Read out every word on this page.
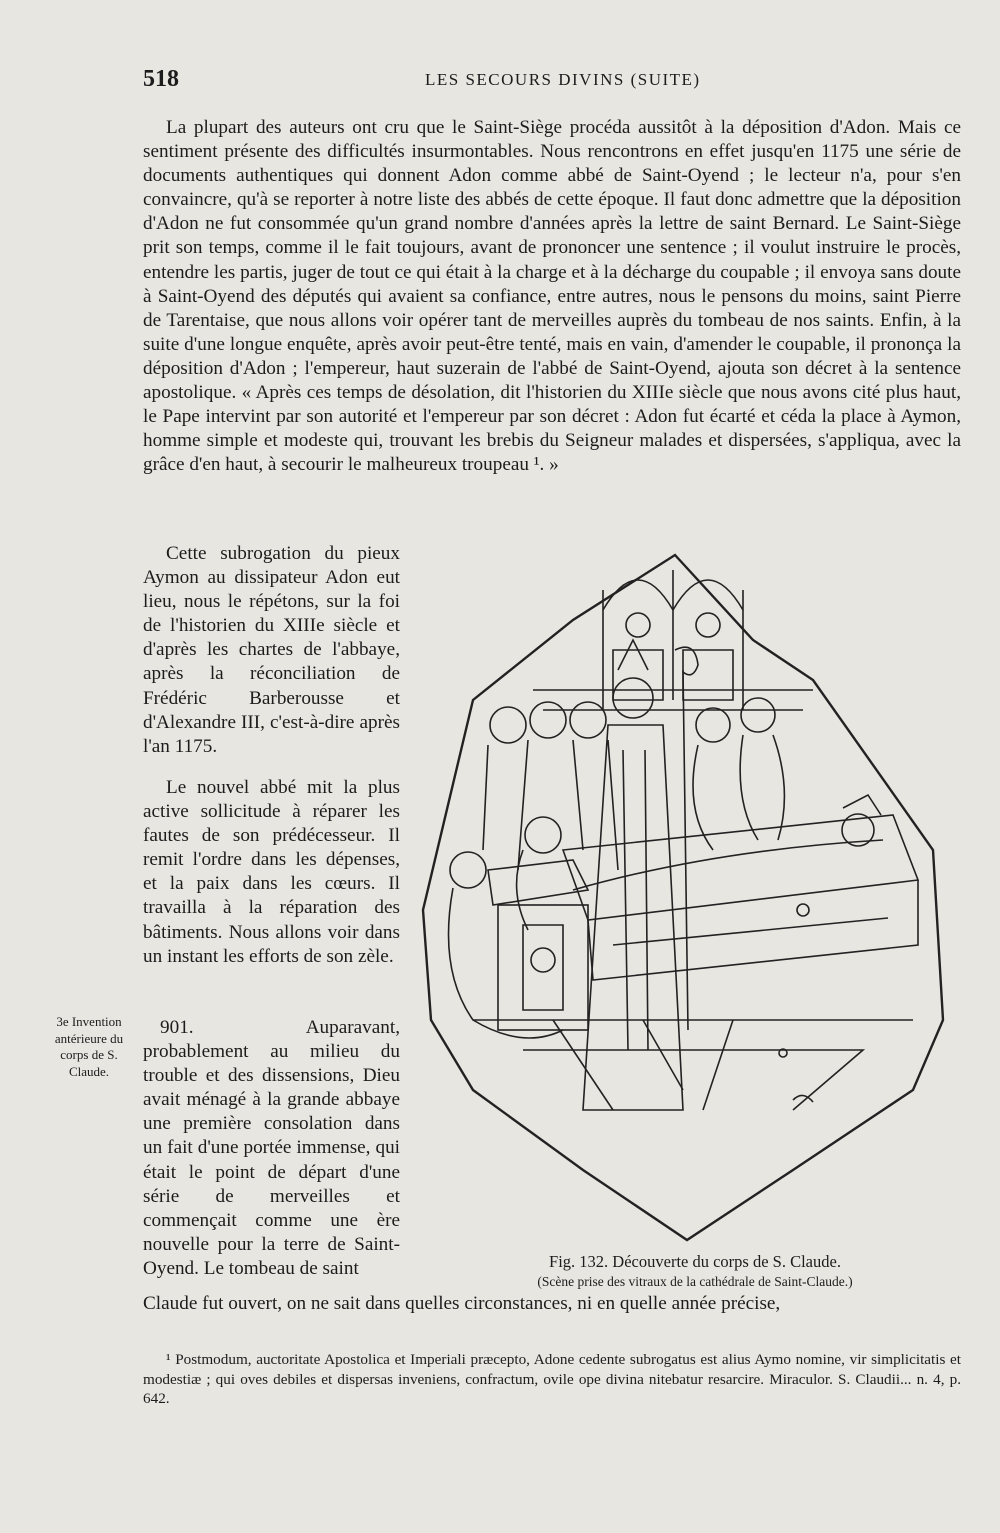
518	LES SECOURS DIVINS (SUITE)

La plupart des auteurs ont cru que le Saint-Siège procéda aussitôt à la déposition d'Adon. Mais ce sentiment présente des difficultés insurmontables. Nous rencontrons en effet jusqu'en 1175 une série de documents authentiques qui donnent Adon comme abbé de Saint-Oyend ; le lecteur n'a, pour s'en convaincre, qu'à se reporter à notre liste des abbés de cette époque. Il faut donc admettre que la déposition d'Adon ne fut consommée qu'un grand nombre d'années après la lettre de saint Bernard. Le Saint-Siège prit son temps, comme il le fait toujours, avant de prononcer une sentence ; il voulut instruire le procès, entendre les partis, juger de tout ce qui était à la charge et à la décharge du coupable ; il envoya sans doute à Saint-Oyend des députés qui avaient sa confiance, entre autres, nous le pensons du moins, saint Pierre de Tarentaise, que nous allons voir opérer tant de merveilles auprès du tombeau de nos saints. Enfin, à la suite d'une longue enquête, après avoir peut-être tenté, mais en vain, d'amender le coupable, il prononça la déposition d'Adon ; l'empereur, haut suzerain de l'abbé de Saint-Oyend, ajouta son décret à la sentence apostolique. « Après ces temps de désolation, dit l'historien du XIIIe siècle que nous avons cité plus haut, le Pape intervint par son autorité et l'empereur par son décret : Adon fut écarté et céda la place à Aymon, homme simple et modeste qui, trouvant les brebis du Seigneur malades et dispersées, s'appliqua, avec la grâce d'en haut, à secourir le malheureux troupeau ¹. »

Cette subrogation du pieux Aymon au dissipateur Adon eut lieu, nous le répétons, sur la foi de l'historien du XIIIe siècle et d'après les chartes de l'abbaye, après la réconciliation de Frédéric Barberousse et d'Alexandre III, c'est-à-dire après l'an 1175.

Le nouvel abbé mit la plus active sollicitude à réparer les fautes de son prédécesseur. Il remit l'ordre dans les dépenses, et la paix dans les cœurs. Il travailla à la réparation des bâtiments. Nous allons voir dans un instant les efforts de son zèle.

3e Invention antérieure du corps de S. Claude.

901. Auparavant, probablement au milieu du trouble et des dissensions, Dieu avait ménagé à la grande abbaye une première consolation dans un fait d'une portée immense, qui était le point de départ d'une série de merveilles et commençait comme une ère nouvelle pour la terre de Saint-Oyend. Le tombeau de saint	Fig. 132. Découverte du corps de S. Claude.
(Scène prise des vitraux de la cathédrale de Saint-Claude.)

Claude fut ouvert, on ne sait dans quelles circonstances, ni en quelle année précise,

¹ Postmodum, auctoritate Apostolica et Imperiali præcepto, Adone cedente subrogatus est alius Aymo nomine, vir simplicitatis et modestiæ ; qui oves debiles et dispersas inveniens, confractum, ovile ope divina nitebatur resarcire. Miraculor. S. Claudii... n. 4, p. 642.
